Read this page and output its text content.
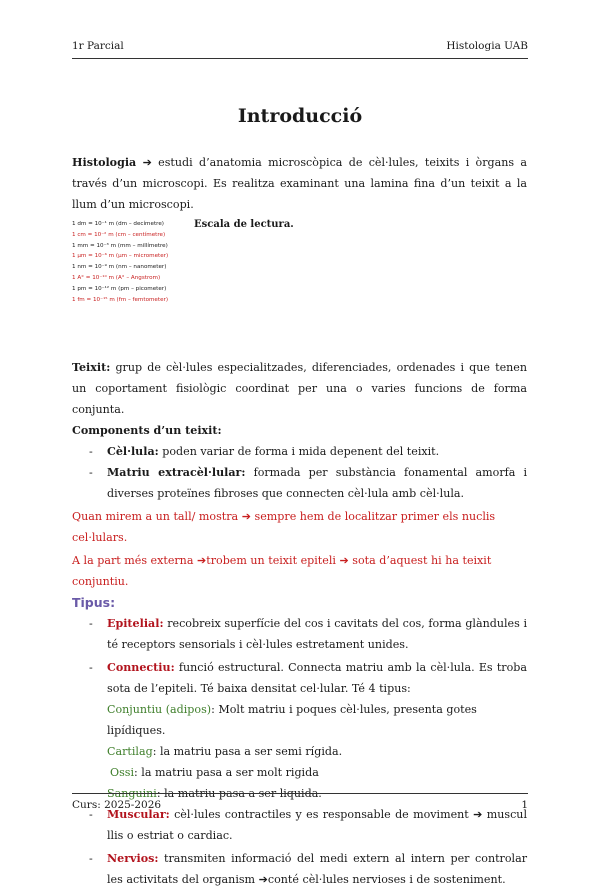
1r Parcial	Histologia UAB
Introducció

Histologia ➔ estudi d’anatomia microscòpica de cèl·lules, teixits i òrgans a través d’un microscopi. Es realitza examinant una lamina fina d’un teixit a la llum d’un microscopi.

1 dm = 10⁻¹ m (dm – decímetre)
1 cm = 10⁻² m (cm – centímetre)
1 mm = 10⁻³ m (mm – millímetre)
1 µm = 10⁻⁶ m (µm – micrometer)
1 nm = 10⁻⁹ m (nm – nanometer)
1 A° = 10⁻¹⁰ m (A° – Angstrom)
1 pm = 10⁻¹² m (pm – picometer)
1 fm = 10⁻¹⁵ m (fm – femtometer)
Escala de lectura.

Teixit: grup de cèl·lules especialitzades, diferenciades, ordenades i que tenen un coportament fisiològic coordinat per una o varies funcions de forma conjunta.

Components d’un teixit:

- Cèl·lula: poden variar de forma i mida depenent del teixit.
- Matriu extracèl·lular: formada per substància fonamental amorfa i diverses proteïnes fibroses que connecten cèl·lula amb cèl·lula.

Quan mirem a un tall/ mostra ➔ sempre hem de localitzar primer els nuclis cel·lulars.

A la part més externa ➔trobem un teixit epiteli ➔ sota d’aquest hi ha teixit conjuntiu.

Tipus:

- Epitelial: recobreix superfície del cos i cavitats del cos, forma glàndules i té receptors sensorials i cèl·lules estretament unides.
- Connectiu: funció estructural. Connecta matriu amb la cèl·lula. Es troba sota de l’epiteli. Té baixa densitat cel·lular. Té 4 tipus:
Conjuntiu (adipos): Molt matriu i poques cèl·lules, presenta gotes lipídiques.
Cartilag: la matriu pasa a ser semi rígida.
Ossi: la matriu pasa a ser molt rigida
Sanguini: la matriu pasa a ser liquida.
- Muscular: cèl·lules contractiles y es responsable de moviment ➔ muscul llis o estriat o cardiac.
- Nervios: transmiten informació del medi extern al intern per controlar les activitats del organism ➔conté cèl·lules nervioses i de sosteniment.
Curs: 2025-2026	1
